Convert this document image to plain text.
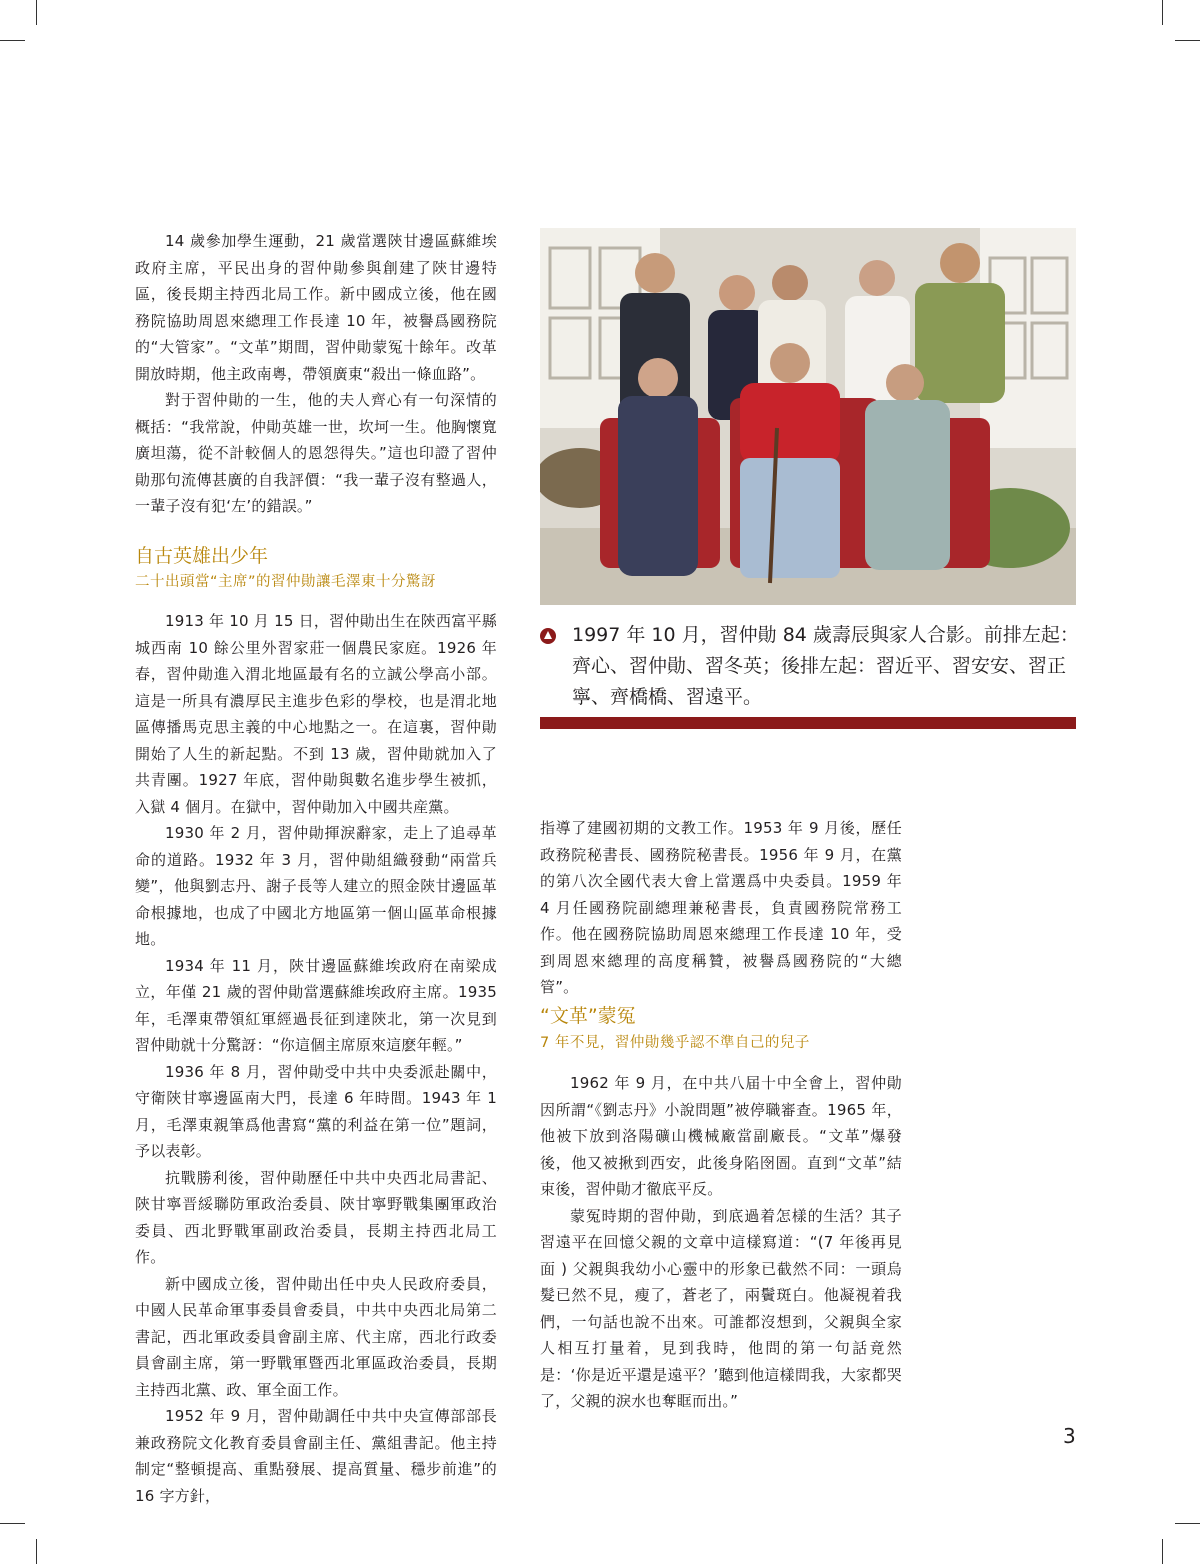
14 歲參加學生運動，21 歲當選陝甘邊區蘇維埃政府主席，平民出身的習仲勛參與創建了陝甘邊特區，後長期主持西北局工作。新中國成立後，他在國務院協助周恩來總理工作長達 10 年，被譽爲國務院的“大管家”。“文革”期間，習仲勛蒙冤十餘年。改革開放時期，他主政南粵，帶領廣東“殺出一條血路”。

對于習仲勛的一生，他的夫人齊心有一句深情的概括：“我常說，仲勛英雄一世，坎坷一生。他胸懷寬廣坦蕩，從不計較個人的恩怨得失。”這也印證了習仲勛那句流傳甚廣的自我評價：“我一輩子沒有整過人，一輩子沒有犯‘左’的錯誤。”

自古英雄出少年
二十出頭當“主席”的習仲勛讓毛澤東十分驚訝

1913 年 10 月 15 日，習仲勛出生在陝西富平縣城西南 10 餘公里外習家莊一個農民家庭。1926 年春，習仲勛進入渭北地區最有名的立誠公學高小部。這是一所具有濃厚民主進步色彩的學校，也是渭北地區傳播馬克思主義的中心地點之一。在這裏，習仲勛開始了人生的新起點。不到 13 歲，習仲勛就加入了共青團。1927 年底，習仲勛與數名進步學生被抓，入獄 4 個月。在獄中，習仲勛加入中國共産黨。

1930 年 2 月，習仲勛揮淚辭家，走上了追尋革命的道路。1932 年 3 月，習仲勛組織發動“兩當兵變”，他與劉志丹、謝子長等人建立的照金陝甘邊區革命根據地，也成了中國北方地區第一個山區革命根據地。

1934 年 11 月，陝甘邊區蘇維埃政府在南梁成立，年僅 21 歲的習仲勛當選蘇維埃政府主席。1935 年，毛澤東帶領紅軍經過長征到達陝北，第一次見到習仲勛就十分驚訝：“你這個主席原來這麽年輕。”

1936 年 8 月，習仲勛受中共中央委派赴關中，守衛陝甘寧邊區南大門，長達 6 年時間。1943 年 1 月，毛澤東親筆爲他書寫“黨的利益在第一位”題詞，予以表彰。

抗戰勝利後，習仲勛歷任中共中央西北局書記、陝甘寧晋綏聯防軍政治委員、陝甘寧野戰集團軍政治委員、西北野戰軍副政治委員，長期主持西北局工作。

新中國成立後，習仲勛出任中央人民政府委員，中國人民革命軍事委員會委員，中共中央西北局第二書記，西北軍政委員會副主席、代主席，西北行政委員會副主席，第一野戰軍暨西北軍區政治委員，長期主持西北黨、政、軍全面工作。

1952 年 9 月，習仲勛調任中共中央宣傳部部長兼政務院文化教育委員會副主任、黨組書記。他主持制定“整頓提高、重點發展、提高質量、穩步前進”的 16 字方針，

1997 年 10 月，習仲勛 84 歲壽辰與家人合影。前排左起：齊心、習仲勛、習冬英；後排左起：習近平、習安安、習正寧、齊橋橋、習遠平。

指導了建國初期的文教工作。1953 年 9 月後，歷任政務院秘書長、國務院秘書長。1956 年 9 月，在黨的第八次全國代表大會上當選爲中央委員。1959 年 4 月任國務院副總理兼秘書長，負責國務院常務工作。他在國務院協助周恩來總理工作長達 10 年，受到周恩來總理的高度稱贊，被譽爲國務院的“大總管”。

“文革”蒙冤
7 年不見，習仲勛幾乎認不準自己的兒子

1962 年 9 月，在中共八届十中全會上，習仲勛因所謂“《劉志丹》小說問題”被停職審查。1965 年，他被下放到洛陽礦山機械廠當副廠長。“文革”爆發後，他又被揪到西安，此後身陷囹圄。直到“文革”結束後，習仲勛才徹底平反。

蒙冤時期的習仲勛，到底過着怎樣的生活？其子習遠平在回憶父親的文章中這樣寫道：“(7 年後再見面 ) 父親與我幼小心靈中的形象已截然不同：一頭烏髮已然不見，瘦了，蒼老了，兩鬢斑白。他凝視着我們，一句話也說不出來。可誰都沒想到，父親與全家人相互打量着，見到我時，他問的第一句話竟然是：‘你是近平還是遠平？’聽到他這樣問我，大家都哭了，父親的淚水也奪眶而出。”

3
